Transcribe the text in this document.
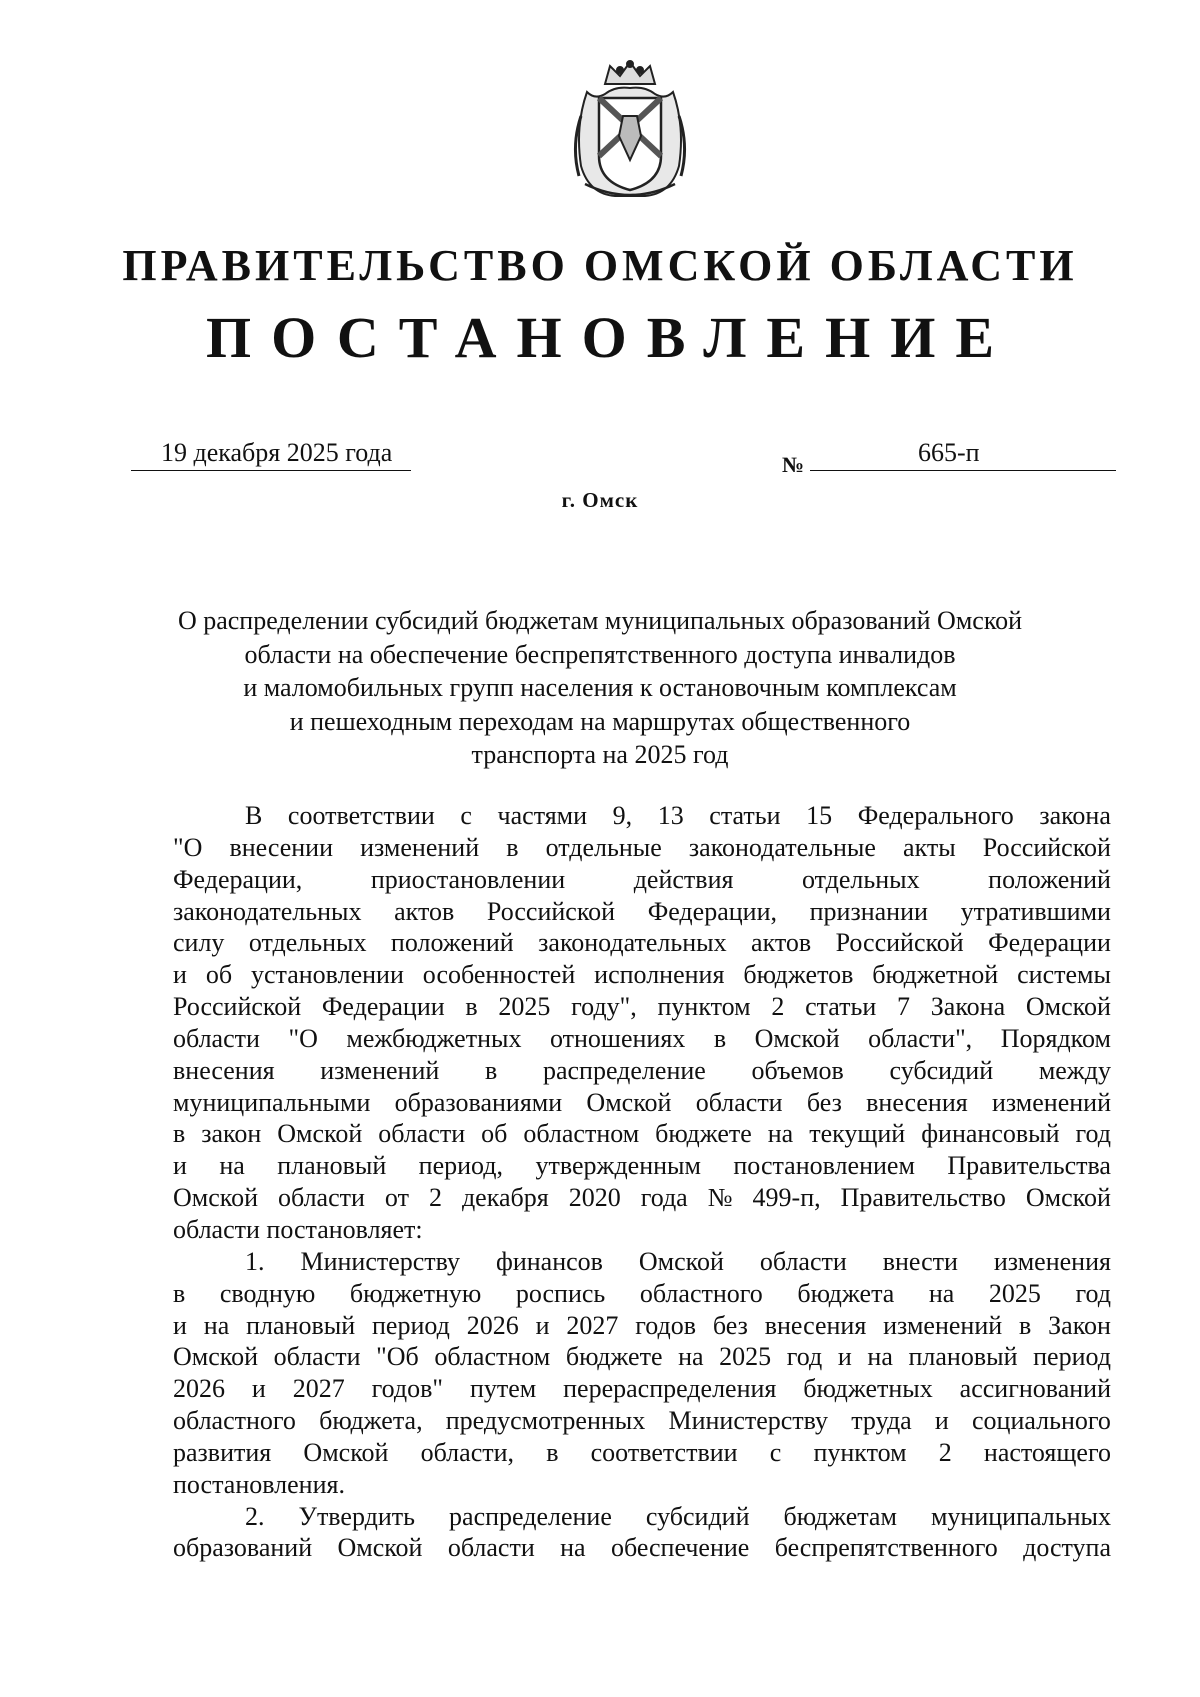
ПРАВИТЕЛЬСТВО ОМСКОЙ ОБЛАСТИ
ПОСТАНОВЛЕНИЕ
19 декабря 2025 года	№	665-п
г. Омск
О распределении субсидий бюджетам муниципальных образований Омской
области на обеспечение беспрепятственного доступа инвалидов
и маломобильных групп населения к остановочным комплексам
и пешеходным переходам на маршрутах общественного
транспорта на 2025 год
В соответствии с частями 9, 13 статьи 15 Федерального закона
"О внесении изменений в отдельные законодательные акты Российской
Федерации,	приостановлении	действия	отдельных	положений
законодательных актов Российской Федерации, признании утратившими
силу отдельных положений законодательных актов Российской Федерации
и об установлении особенностей исполнения бюджетов бюджетной системы
Российской Федерации в 2025 году", пунктом 2 статьи 7 Закона Омской
области "О межбюджетных отношениях в Омской области", Порядком
внесения изменений в распределение объемов субсидий между
муниципальными образованиями Омской области без внесения изменений
в закон Омской области об областном бюджете на текущий финансовый год
и на плановый период, утвержденным постановлением Правительства
Омской области от 2 декабря 2020 года № 499-п, Правительство Омской
области постановляет:
1. Министерству финансов Омской области внести изменения
в сводную бюджетную роспись областного бюджета на 2025 год
и на плановый период 2026 и 2027 годов без внесения изменений в Закон
Омской области "Об областном бюджете на 2025 год и на плановый период
2026 и 2027 годов" путем перераспределения бюджетных ассигнований
областного бюджета, предусмотренных Министерству труда и социального
развития Омской области, в соответствии с пунктом 2 настоящего
постановления.
2. Утвердить распределение субсидий бюджетам муниципальных
образований Омской области на обеспечение беспрепятственного доступа
